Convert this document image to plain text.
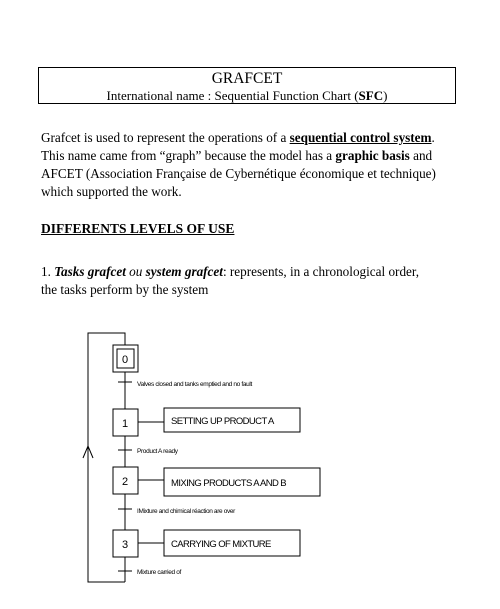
GRAFCET
International name : Sequential Function Chart (SFC)
Grafcet is used to represent the operations of a sequential control system.
This name came from “graph” because the model has a graphic basis and
AFCET (Association Française de Cybernétique économique et technique)
which supported the work.
DIFFERENTS LEVELS OF USE
1. Tasks grafcet ou system grafcet: represents, in a chronological order,
the tasks perform by the system
0
1
2
3
SETTING UP PRODUCT A
MIXING PRODUCTS A AND B
CARRYING OF MIXTURE
Valves closed and tanks emptied and no fault
Product A ready
IMixture and chimical réaction are over
Mixture carried of
